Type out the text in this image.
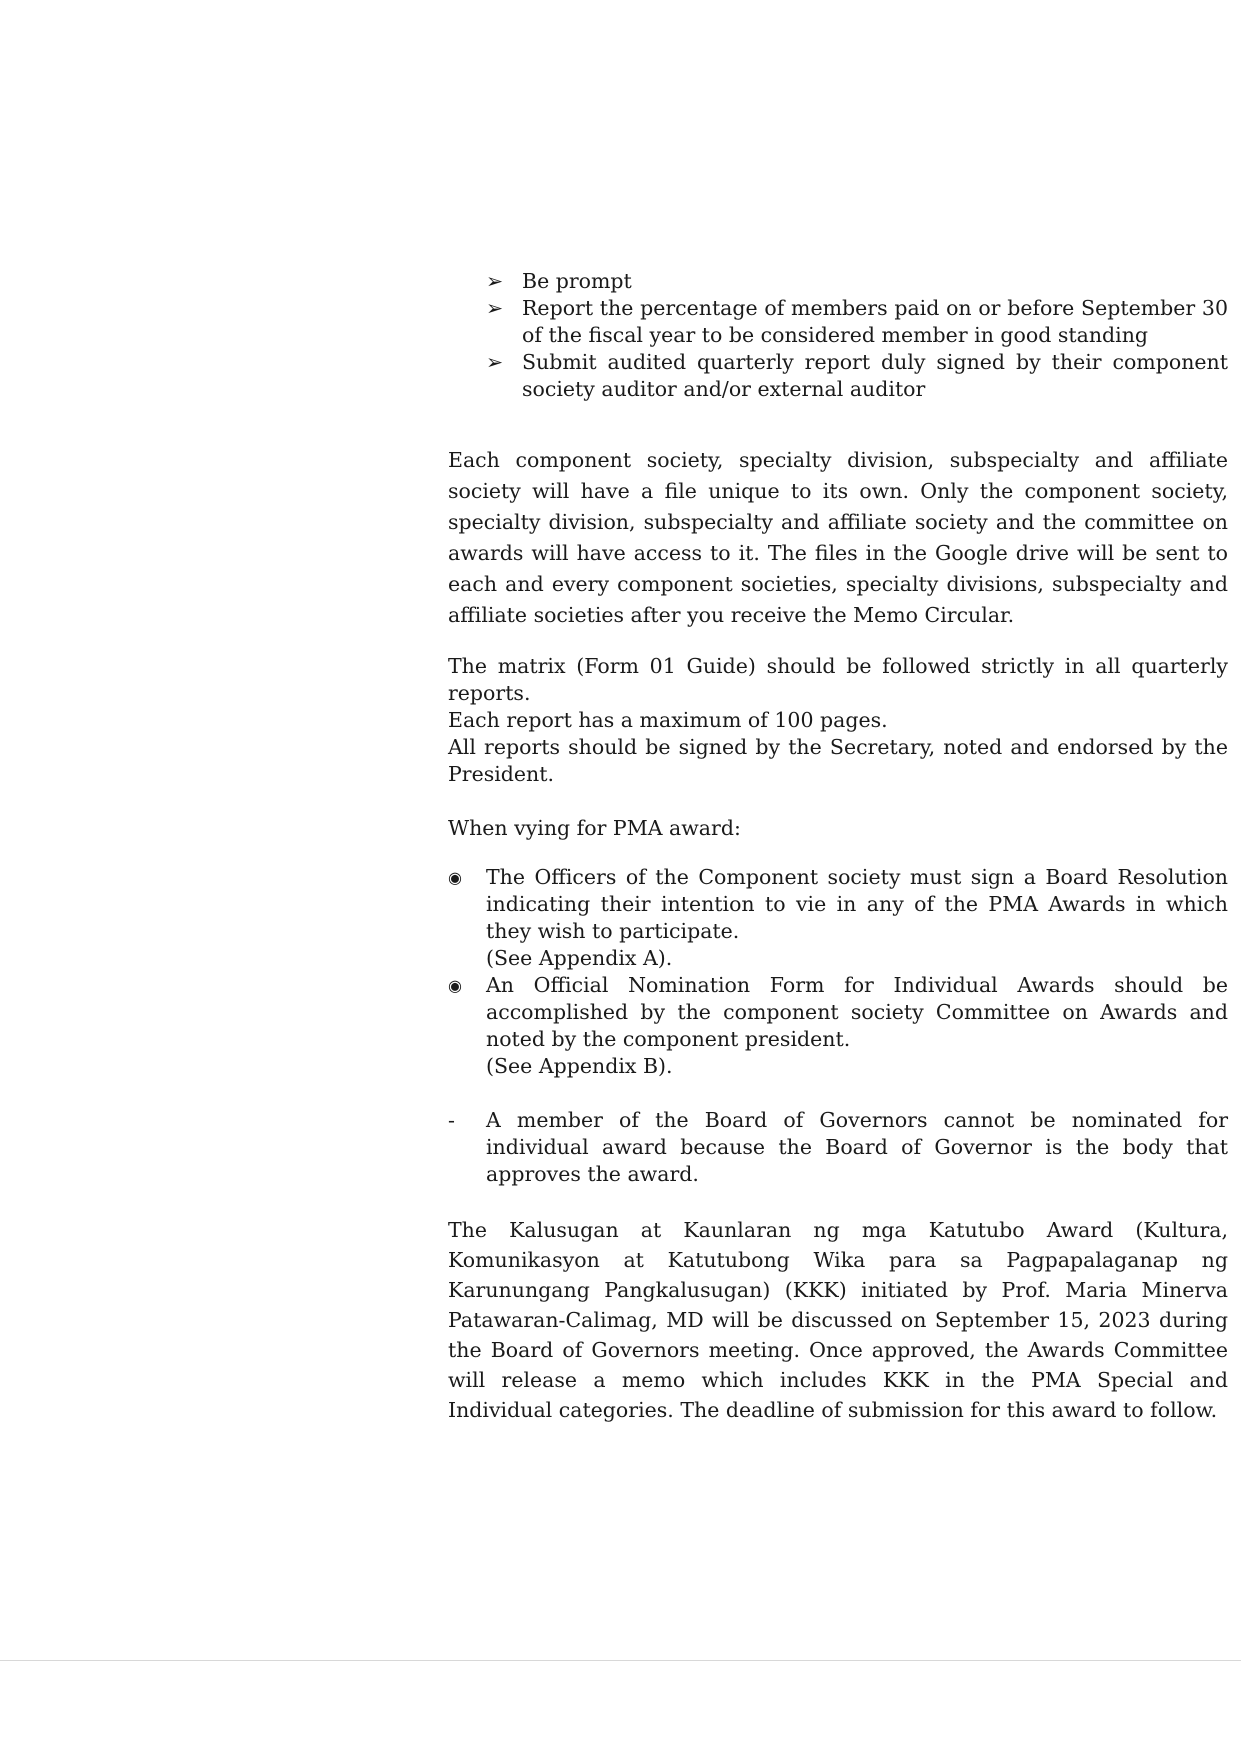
➢ Be prompt
➢ Report the percentage of members paid on or before September 30 of the fiscal year to be considered member in good standing
➢ Submit audited quarterly report duly signed by their component society auditor and/or external auditor

Each component society, specialty division, subspecialty and affiliate society will have a file unique to its own. Only the component society, specialty division, subspecialty and affiliate society and the committee on awards will have access to it. The files in the Google drive will be sent to each and every component societies, specialty divisions, subspecialty and affiliate societies after you receive the Memo Circular.

The matrix (Form 01 Guide) should be followed strictly in all quarterly reports.

Each report has a maximum of 100 pages.

All reports should be signed by the Secretary, noted and endorsed by the President.

When vying for PMA award:

◉ The Officers of the Component society must sign a Board Resolution indicating their intention to vie in any of the PMA Awards in which they wish to participate.
(See Appendix A).
◉ An Official Nomination Form for Individual Awards should be accomplished by the component society Committee on Awards and noted by the component president.
(See Appendix B).
-	A member of the Board of Governors cannot be nominated for individual award because the Board of Governor is the body that approves the award.

The Kalusugan at Kaunlaran ng mga Katutubo Award (Kultura, Komunikasyon at Katutubong Wika para sa Pagpapalaganap ng Karunungang Pangkalusugan) (KKK) initiated by Prof. Maria Minerva Patawaran-Calimag, MD will be discussed on September 15, 2023 during the Board of Governors meeting. Once approved, the Awards Committee will release a memo which includes KKK in the PMA Special and Individual categories. The deadline of submission for this award to follow.
